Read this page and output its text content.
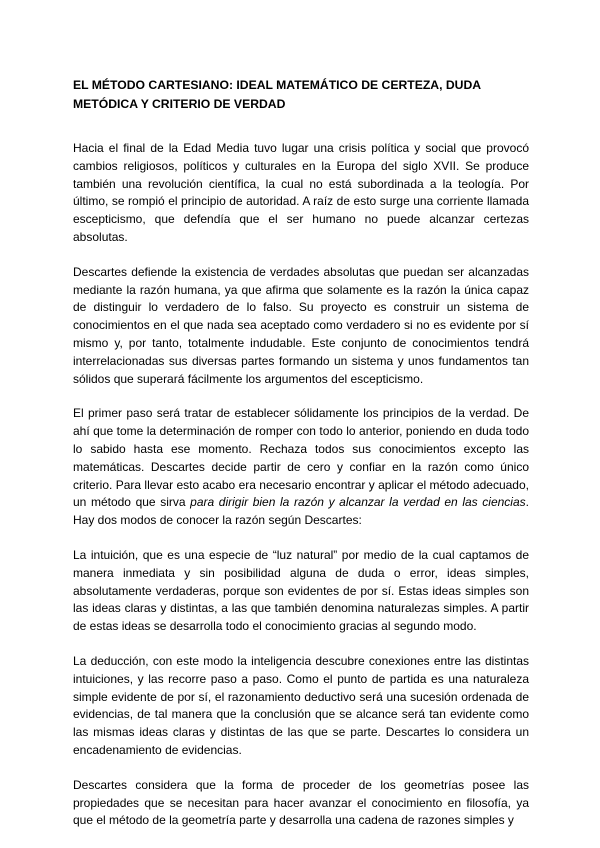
EL MÉTODO CARTESIANO: IDEAL MATEMÁTICO DE CERTEZA, DUDA METÓDICA Y CRITERIO DE VERDAD

Hacia el final de la Edad Media tuvo lugar una crisis política y social que provocó cambios religiosos, políticos y culturales en la Europa del siglo XVII. Se produce también una revolución científica, la cual no está subordinada a la teología. Por último, se rompió el principio de autoridad. A raíz de esto surge una corriente llamada escepticismo, que defendía que el ser humano no puede alcanzar certezas absolutas.

Descartes defiende la existencia de verdades absolutas que puedan ser alcanzadas mediante la razón humana, ya que afirma que solamente es la razón la única capaz de distinguir lo verdadero de lo falso. Su proyecto es construir un sistema de conocimientos en el que nada sea aceptado como verdadero si no es evidente por sí mismo y, por tanto, totalmente indudable. Este conjunto de conocimientos tendrá interrelacionadas sus diversas partes formando un sistema y unos fundamentos tan sólidos que superará fácilmente los argumentos del escepticismo.

El primer paso será tratar de establecer sólidamente los principios de la verdad. De ahí que tome la determinación de romper con todo lo anterior, poniendo en duda todo lo sabido hasta ese momento. Rechaza todos sus conocimientos excepto las matemáticas. Descartes decide partir de cero y confiar en la razón como único criterio. Para llevar esto acabo era necesario encontrar y aplicar el método adecuado, un método que sirva para dirigir bien la razón y alcanzar la verdad en las ciencias. Hay dos modos de conocer la razón según Descartes:

La intuición, que es una especie de “luz natural” por medio de la cual captamos de manera inmediata y sin posibilidad alguna de duda o error, ideas simples, absolutamente verdaderas, porque son evidentes de por sí. Estas ideas simples son las ideas claras y distintas, a las que también denomina naturalezas simples. A partir de estas ideas se desarrolla todo el conocimiento gracias al segundo modo.

La deducción, con este modo la inteligencia descubre conexiones entre las distintas intuiciones, y las recorre paso a paso. Como el punto de partida es una naturaleza simple evidente de por sí, el razonamiento deductivo será una sucesión ordenada de evidencias, de tal manera que la conclusión que se alcance será tan evidente como las mismas ideas claras y distintas de las que se parte. Descartes lo considera un encadenamiento de evidencias.

Descartes considera que la forma de proceder de los geometrías posee las propiedades que se necesitan para hacer avanzar el conocimiento en filosofía, ya que el método de la geometría parte y desarrolla una cadena de razones simples y
